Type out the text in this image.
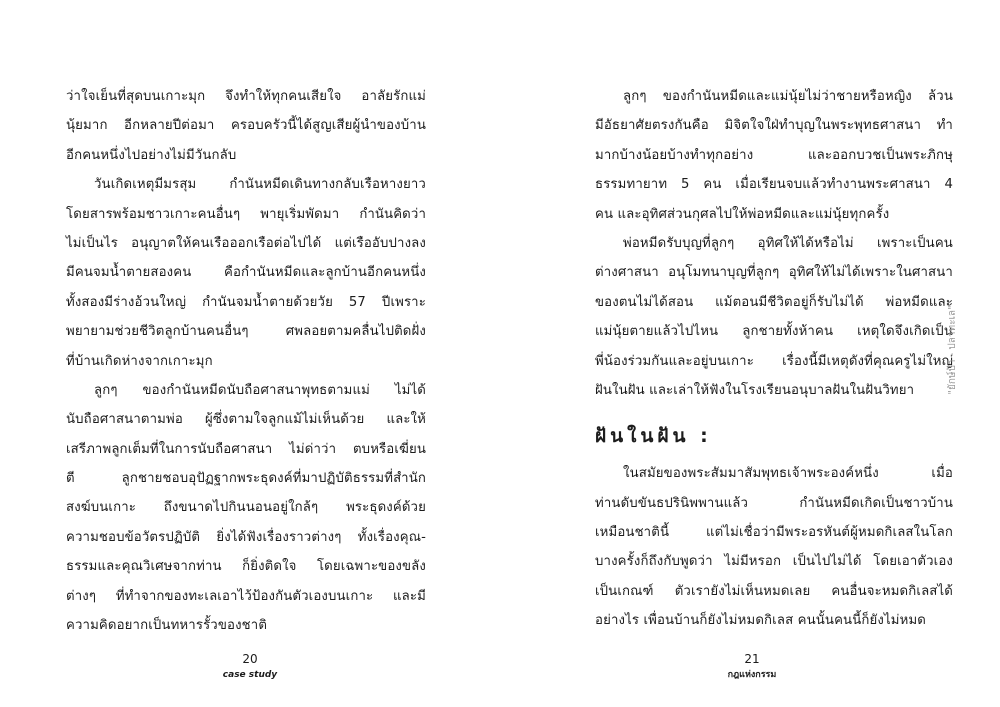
ว่าใจเย็นที่สุดบนเกาะมุก จึงทำให้ทุกคนเสียใจ อาลัยรักแม่
นุ้ยมาก อีกหลายปีต่อมา ครอบครัวนี้ได้สูญเสียผู้นำของบ้าน
อีกคนหนึ่งไปอย่างไม่มีวันกลับ
วันเกิดเหตุมีมรสุม กำนันหมีดเดินทางกลับเรือหางยาว
โดยสารพร้อมชาวเกาะคนอื่นๆ พายุเริ่มพัดมา กำนันคิดว่า
ไม่เป็นไร อนุญาตให้คนเรือออกเรือต่อไปได้ แต่เรืออับปางลง
มีคนจมน้ำตายสองคน คือกำนันหมีดและลูกบ้านอีกคนหนึ่ง
ทั้งสองมีร่างอ้วนใหญ่ กำนันจมน้ำตายด้วยวัย 57 ปีเพราะ
พยายามช่วยชีวิตลูกบ้านคนอื่นๆ	ศพลอยตามคลื่นไปติดฝั่ง
ที่บ้านเกิดห่างจากเกาะมุก
ลูกๆ ของกำนันหมีดนับถือศาสนาพุทธตามแม่ ไม่ได้
นับถือศาสนาตามพ่อ ผู้ซึ่งตามใจลูกแม้ไม่เห็นด้วย และให้
เสรีภาพลูกเต็มที่ในการนับถือศาสนา ไม่ด่าว่า ตบหรือเฆี่ยน
ตี	ลูกชายชอบอุปัฏฐากพระธุดงค์ที่มาปฏิบัติธรรมที่สำนัก
สงฆ์บนเกาะ ถึงขนาดไปกินนอนอยู่ใกล้ๆ พระธุดงค์ด้วย
ความชอบข้อวัตรปฏิบัติ ยิ่งได้ฟังเรื่องราวต่างๆ ทั้งเรื่องคุณ-
ธรรมและคุณวิเศษจากท่าน ก็ยิ่งติดใจ โดยเฉพาะของขลัง
ต่างๆ ที่ทำจากของทะเลเอาไว้ป้องกันตัวเองบนเกาะ และมี
ความคิดอยากเป็นทหารรั้วของชาติ
20
case study
ลูกๆ ของกำนันหมีดและแม่นุ้ยไม่ว่าชายหรือหญิง ล้วน
มีอัธยาศัยตรงกันคือ มิจิตใจใฝ่ทำบุญในพระพุทธศาสนา ทำ
มากบ้างน้อยบ้างทำทุกอย่าง	และออกบวชเป็นพระภิกษุ
ธรรมทายาท 5 คน เมื่อเรียนจบแล้วทำงานพระศาสนา 4
คน และอุทิศส่วนกุศลไปให้พ่อหมีดและแม่นุ้ยทุกครั้ง
พ่อหมีดรับบุญที่ลูกๆ อุทิศให้ได้หรือไม่ เพราะเป็นคน
ต่างศาสนา อนุโมทนาบุญที่ลูกๆ อุทิศให้ไม่ได้เพราะในศาสนา
ของตนไม่ได้สอน แม้ตอนมีชีวิตอยู่ก็รับไม่ได้ พ่อหมีดและ
แม่นุ้ยตายแล้วไปไหน ลูกชายทั้งห้าคน เหตุใดจึงเกิดเป็น
พี่น้องร่วมกันและอยู่บนเกาะ เรื่องนี้มีเหตุดังที่คุณครูไม่ใหญ่
ฝันในฝัน และเล่าให้ฟังในโรงเรียนอนุบาลฝันในฝันวิทยา
ฝันในฝัน :
ในสมัยของพระสัมมาสัมพุทธเจ้าพระองค์หนึ่ง	เมื่อ
ท่านดับขันธปรินิพพานแล้ว	กำนันหมีดเกิดเป็นชาวบ้าน
เหมือนชาตินี้	แต่ไม่เชื่อว่ามีพระอรหันต์ผู้หมดกิเลสในโลก
บางครั้งก็ถึงกับพูดว่า ไม่มีหรอก เป็นไปไม่ได้ โดยเอาตัวเอง
เป็นเกณฑ์ ตัวเรายังไม่เห็นหมดเลย คนอื่นจะหมดกิเลสได้
อย่างไร เพื่อนบ้านก็ยังไม่หมดกิเลส คนนั้นคนนี้ก็ยังไม่หมด
21
กฎแห่งกรรม
"ยักษ์ป้า - ปลาทะเล"
